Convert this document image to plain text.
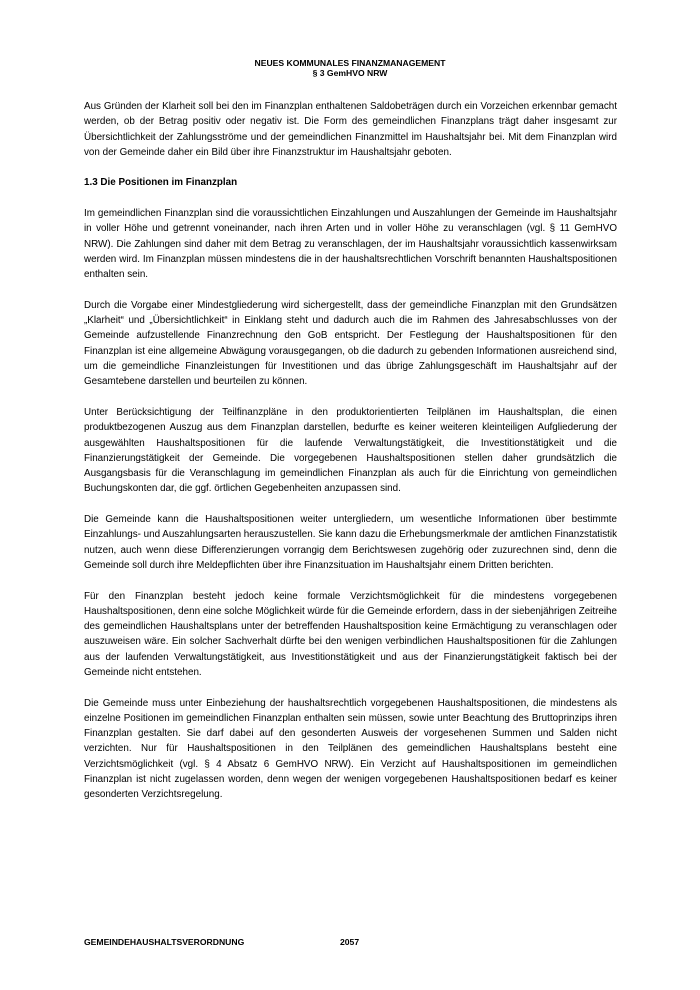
NEUES KOMMUNALES FINANZMANAGEMENT
§ 3 GemHVO NRW

Aus Gründen der Klarheit soll bei den im Finanzplan enthaltenen Saldobeträgen durch ein Vorzeichen erkennbar gemacht werden, ob der Betrag positiv oder negativ ist. Die Form des gemeindlichen Finanzplans trägt daher insgesamt zur Übersichtlichkeit der Zahlungsströme und der gemeindlichen Finanzmittel im Haushaltsjahr bei. Mit dem Finanzplan wird von der Gemeinde daher ein Bild über ihre Finanzstruktur im Haushaltsjahr geboten.

1.3 Die Positionen im Finanzplan

Im gemeindlichen Finanzplan sind die voraussichtlichen Einzahlungen und Auszahlungen der Gemeinde im Haushaltsjahr in voller Höhe und getrennt voneinander, nach ihren Arten und in voller Höhe zu veranschlagen (vgl. § 11 GemHVO NRW). Die Zahlungen sind daher mit dem Betrag zu veranschlagen, der im Haushaltsjahr voraussichtlich kassenwirksam werden wird. Im Finanzplan müssen mindestens die in der haushaltsrechtlichen Vorschrift benannten Haushaltspositionen enthalten sein.

Durch die Vorgabe einer Mindestgliederung wird sichergestellt, dass der gemeindliche Finanzplan mit den Grundsätzen „Klarheit“ und „Übersichtlichkeit“ in Einklang steht und dadurch auch die im Rahmen des Jahresabschlusses von der Gemeinde aufzustellende Finanzrechnung den GoB entspricht. Der Festlegung der Haushaltspositionen für den Finanzplan ist eine allgemeine Abwägung vorausgegangen, ob die dadurch zu gebenden Informationen ausreichend sind, um die gemeindliche Finanzleistungen für Investitionen und das übrige Zahlungsgeschäft im Haushaltsjahr auf der Gesamtebene darstellen und beurteilen zu können.

Unter Berücksichtigung der Teilfinanzpläne in den produktorientierten Teilplänen im Haushaltsplan, die einen produktbezogenen Auszug aus dem Finanzplan darstellen, bedurfte es keiner weiteren kleinteiligen Aufgliederung der ausgewählten Haushaltspositionen für die laufende Verwaltungstätigkeit, die Investitionstätigkeit und die Finanzierungstätigkeit der Gemeinde. Die vorgegebenen Haushaltspositionen stellen daher grundsätzlich die Ausgangsbasis für die Veranschlagung im gemeindlichen Finanzplan als auch für die Einrichtung von gemeindlichen Buchungskonten dar, die ggf. örtlichen Gegebenheiten anzupassen sind.

Die Gemeinde kann die Haushaltspositionen weiter untergliedern, um wesentliche Informationen über bestimmte Einzahlungs- und Auszahlungsarten herauszustellen. Sie kann dazu die Erhebungsmerkmale der amtlichen Finanzstatistik nutzen, auch wenn diese Differenzierungen vorrangig dem Berichtswesen zugehörig oder zuzurechnen sind, denn die Gemeinde soll durch ihre Meldepflichten über ihre Finanzsituation im Haushaltsjahr einem Dritten berichten.

Für den Finanzplan besteht jedoch keine formale Verzichtsmöglichkeit für die mindestens vorgegebenen Haushaltspositionen, denn eine solche Möglichkeit würde für die Gemeinde erfordern, dass in der siebenjährigen Zeitreihe des gemeindlichen Haushaltsplans unter der betreffenden Haushaltsposition keine Ermächtigung zu veranschlagen oder auszuweisen wäre. Ein solcher Sachverhalt dürfte bei den wenigen verbindlichen Haushaltspositionen für die Zahlungen aus der laufenden Verwaltungstätigkeit, aus Investitionstätigkeit und aus der Finanzierungstätigkeit faktisch bei der Gemeinde nicht entstehen.

Die Gemeinde muss unter Einbeziehung der haushaltsrechtlich vorgegebenen Haushaltspositionen, die mindestens als einzelne Positionen im gemeindlichen Finanzplan enthalten sein müssen, sowie unter Beachtung des Bruttoprinzips ihren Finanzplan gestalten. Sie darf dabei auf den gesonderten Ausweis der vorgesehenen Summen und Salden nicht verzichten. Nur für Haushaltspositionen in den Teilplänen des gemeindlichen Haushaltsplans besteht eine Verzichtsmöglichkeit (vgl. § 4 Absatz 6 GemHVO NRW). Ein Verzicht auf Haushaltspositionen im gemeindlichen Finanzplan ist nicht zugelassen worden, denn wegen der wenigen vorgegebenen Haushaltspositionen bedarf es keiner gesonderten Verzichtsregelung.

GEMEINDEHAUSHALTSVERORDNUNG	2057
